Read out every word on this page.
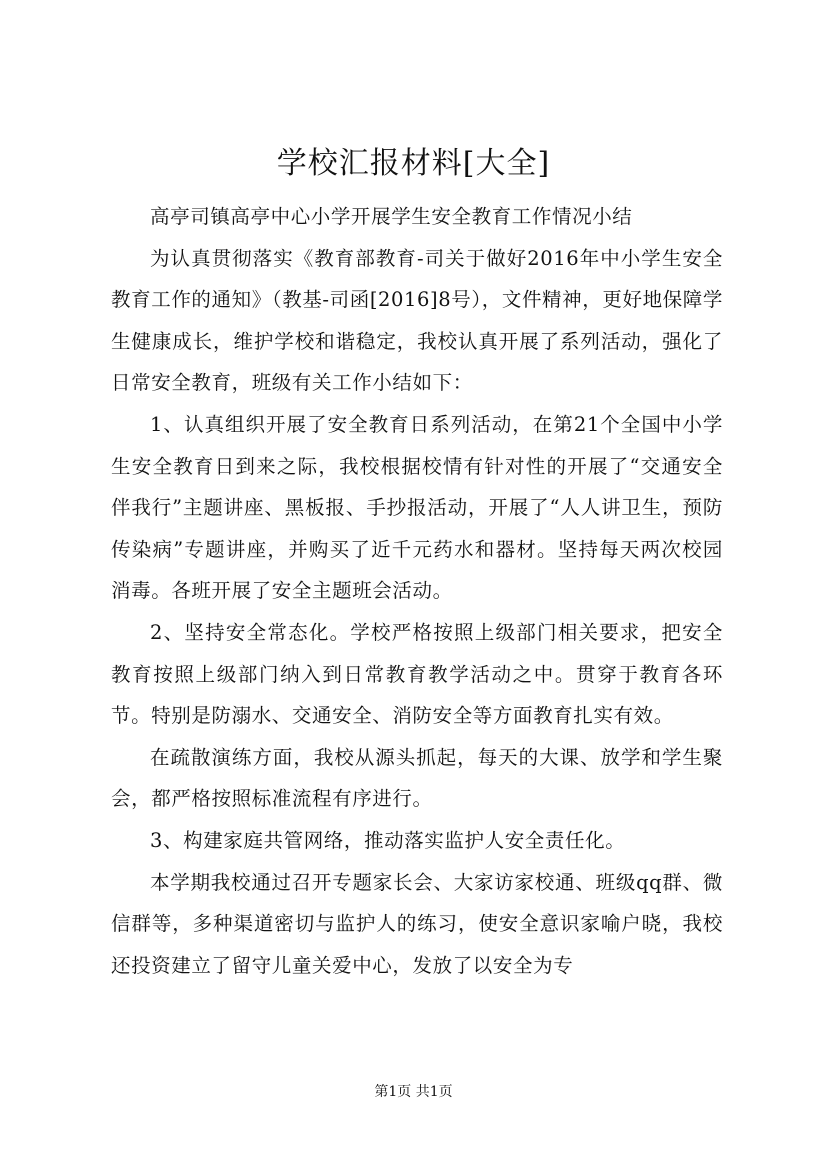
学校汇报材料[大全]

高亭司镇高亭中心小学开展学生安全教育工作情况小结

为认真贯彻落实《教育部教育-司关于做好2016年中小学生安全教育工作的通知》（教基-司函[2016]8号），文件精神，更好地保障学生健康成长，维护学校和谐稳定，我校认真开展了系列活动，强化了日常安全教育，班级有关工作小结如下：

1、认真组织开展了安全教育日系列活动，在第21个全国中小学生安全教育日到来之际，我校根据校情有针对性的开展了“交通安全伴我行”主题讲座、黑板报、手抄报活动，开展了“人人讲卫生，预防传染病”专题讲座，并购买了近千元药水和器材。坚持每天两次校园消毒。各班开展了安全主题班会活动。

2、坚持安全常态化。学校严格按照上级部门相关要求，把安全教育按照上级部门纳入到日常教育教学活动之中。贯穿于教育各环节。特别是防溺水、交通安全、消防安全等方面教育扎实有效。

在疏散演练方面，我校从源头抓起，每天的大课、放学和学生聚会，都严格按照标准流程有序进行。

3、构建家庭共管网络，推动落实监护人安全责任化。

本学期我校通过召开专题家长会、大家访家校通、班级qq群、微信群等，多种渠道密切与监护人的练习，使安全意识家喻户晓，我校还投资建立了留守儿童关爱中心，发放了以安全为专

第1页 共1页
